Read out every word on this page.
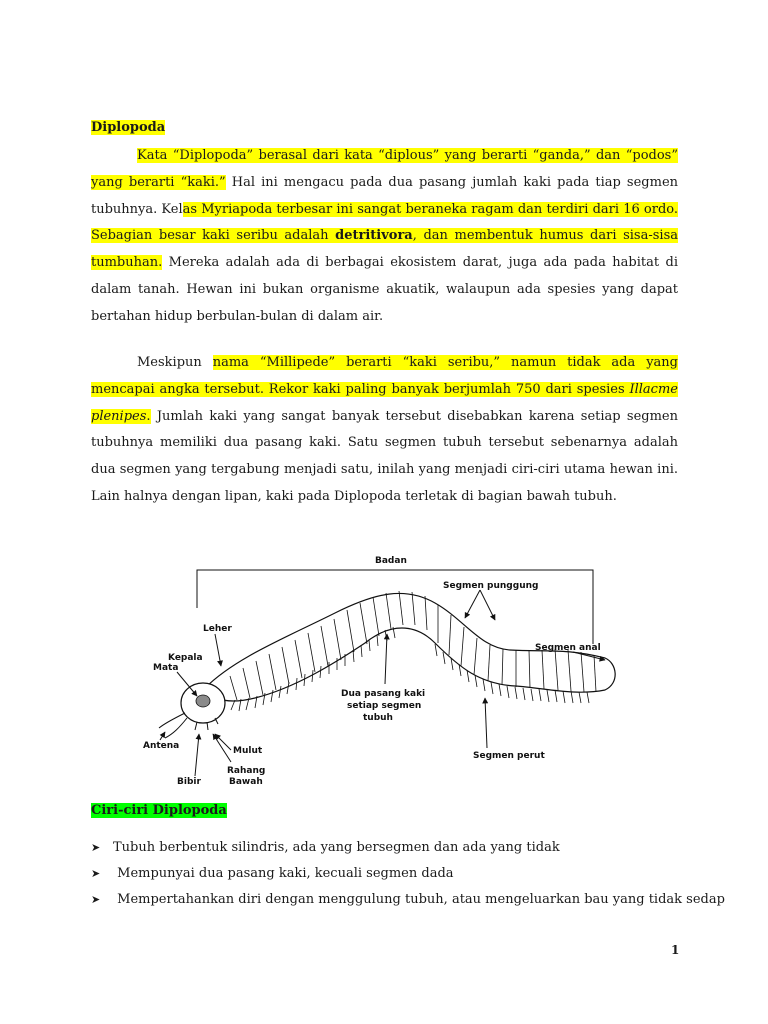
Diplopoda

Kata “Diplopoda” berasal dari kata “diplous” yang berarti “ganda,” dan “podos” yang berarti “kaki.” Hal ini mengacu pada dua pasang jumlah kaki pada tiap segmen tubuhnya. Kelas Myriapoda terbesar ini sangat beraneka ragam dan terdiri dari 16 ordo. Sebagian besar kaki seribu adalah detritivora, dan membentuk humus dari sisa-sisa tumbuhan. Mereka adalah ada di berbagai ekosistem darat, juga ada pada habitat di dalam tanah. Hewan ini bukan organisme akuatik, walaupun ada spesies yang dapat bertahan hidup berbulan-bulan di dalam air.

Meskipun nama “Millipede” berarti “kaki seribu,” namun tidak ada yang mencapai angka tersebut. Rekor kaki paling banyak berjumlah 750 dari spesies Illacme plenipes. Jumlah kaki yang sangat banyak tersebut disebabkan karena setiap segmen tubuhnya memiliki dua pasang kaki. Satu segmen tubuh tersebut sebenarnya adalah dua segmen yang tergabung menjadi satu, inilah yang menjadi ciri-ciri utama hewan ini. Lain halnya dengan lipan, kaki pada Diplopoda terletak di bagian bawah tubuh.

Badan
Segmen punggung
Leher
Segmen anal
Kepala
Mata
Dua pasang kaki
setiap segmen
tubuh
Antena	Mulut
Rahang
Bawah
Bibir
Segmen perut
Ciri-ciri Diplopoda
➤ Tubuh berbentuk silindris, ada yang bersegmen dan ada yang tidak
➤ Mempunyai dua pasang kaki, kecuali segmen dada
➤ Mempertahankan diri dengan menggulung tubuh, atau mengeluarkan bau yang tidak sedap
1
